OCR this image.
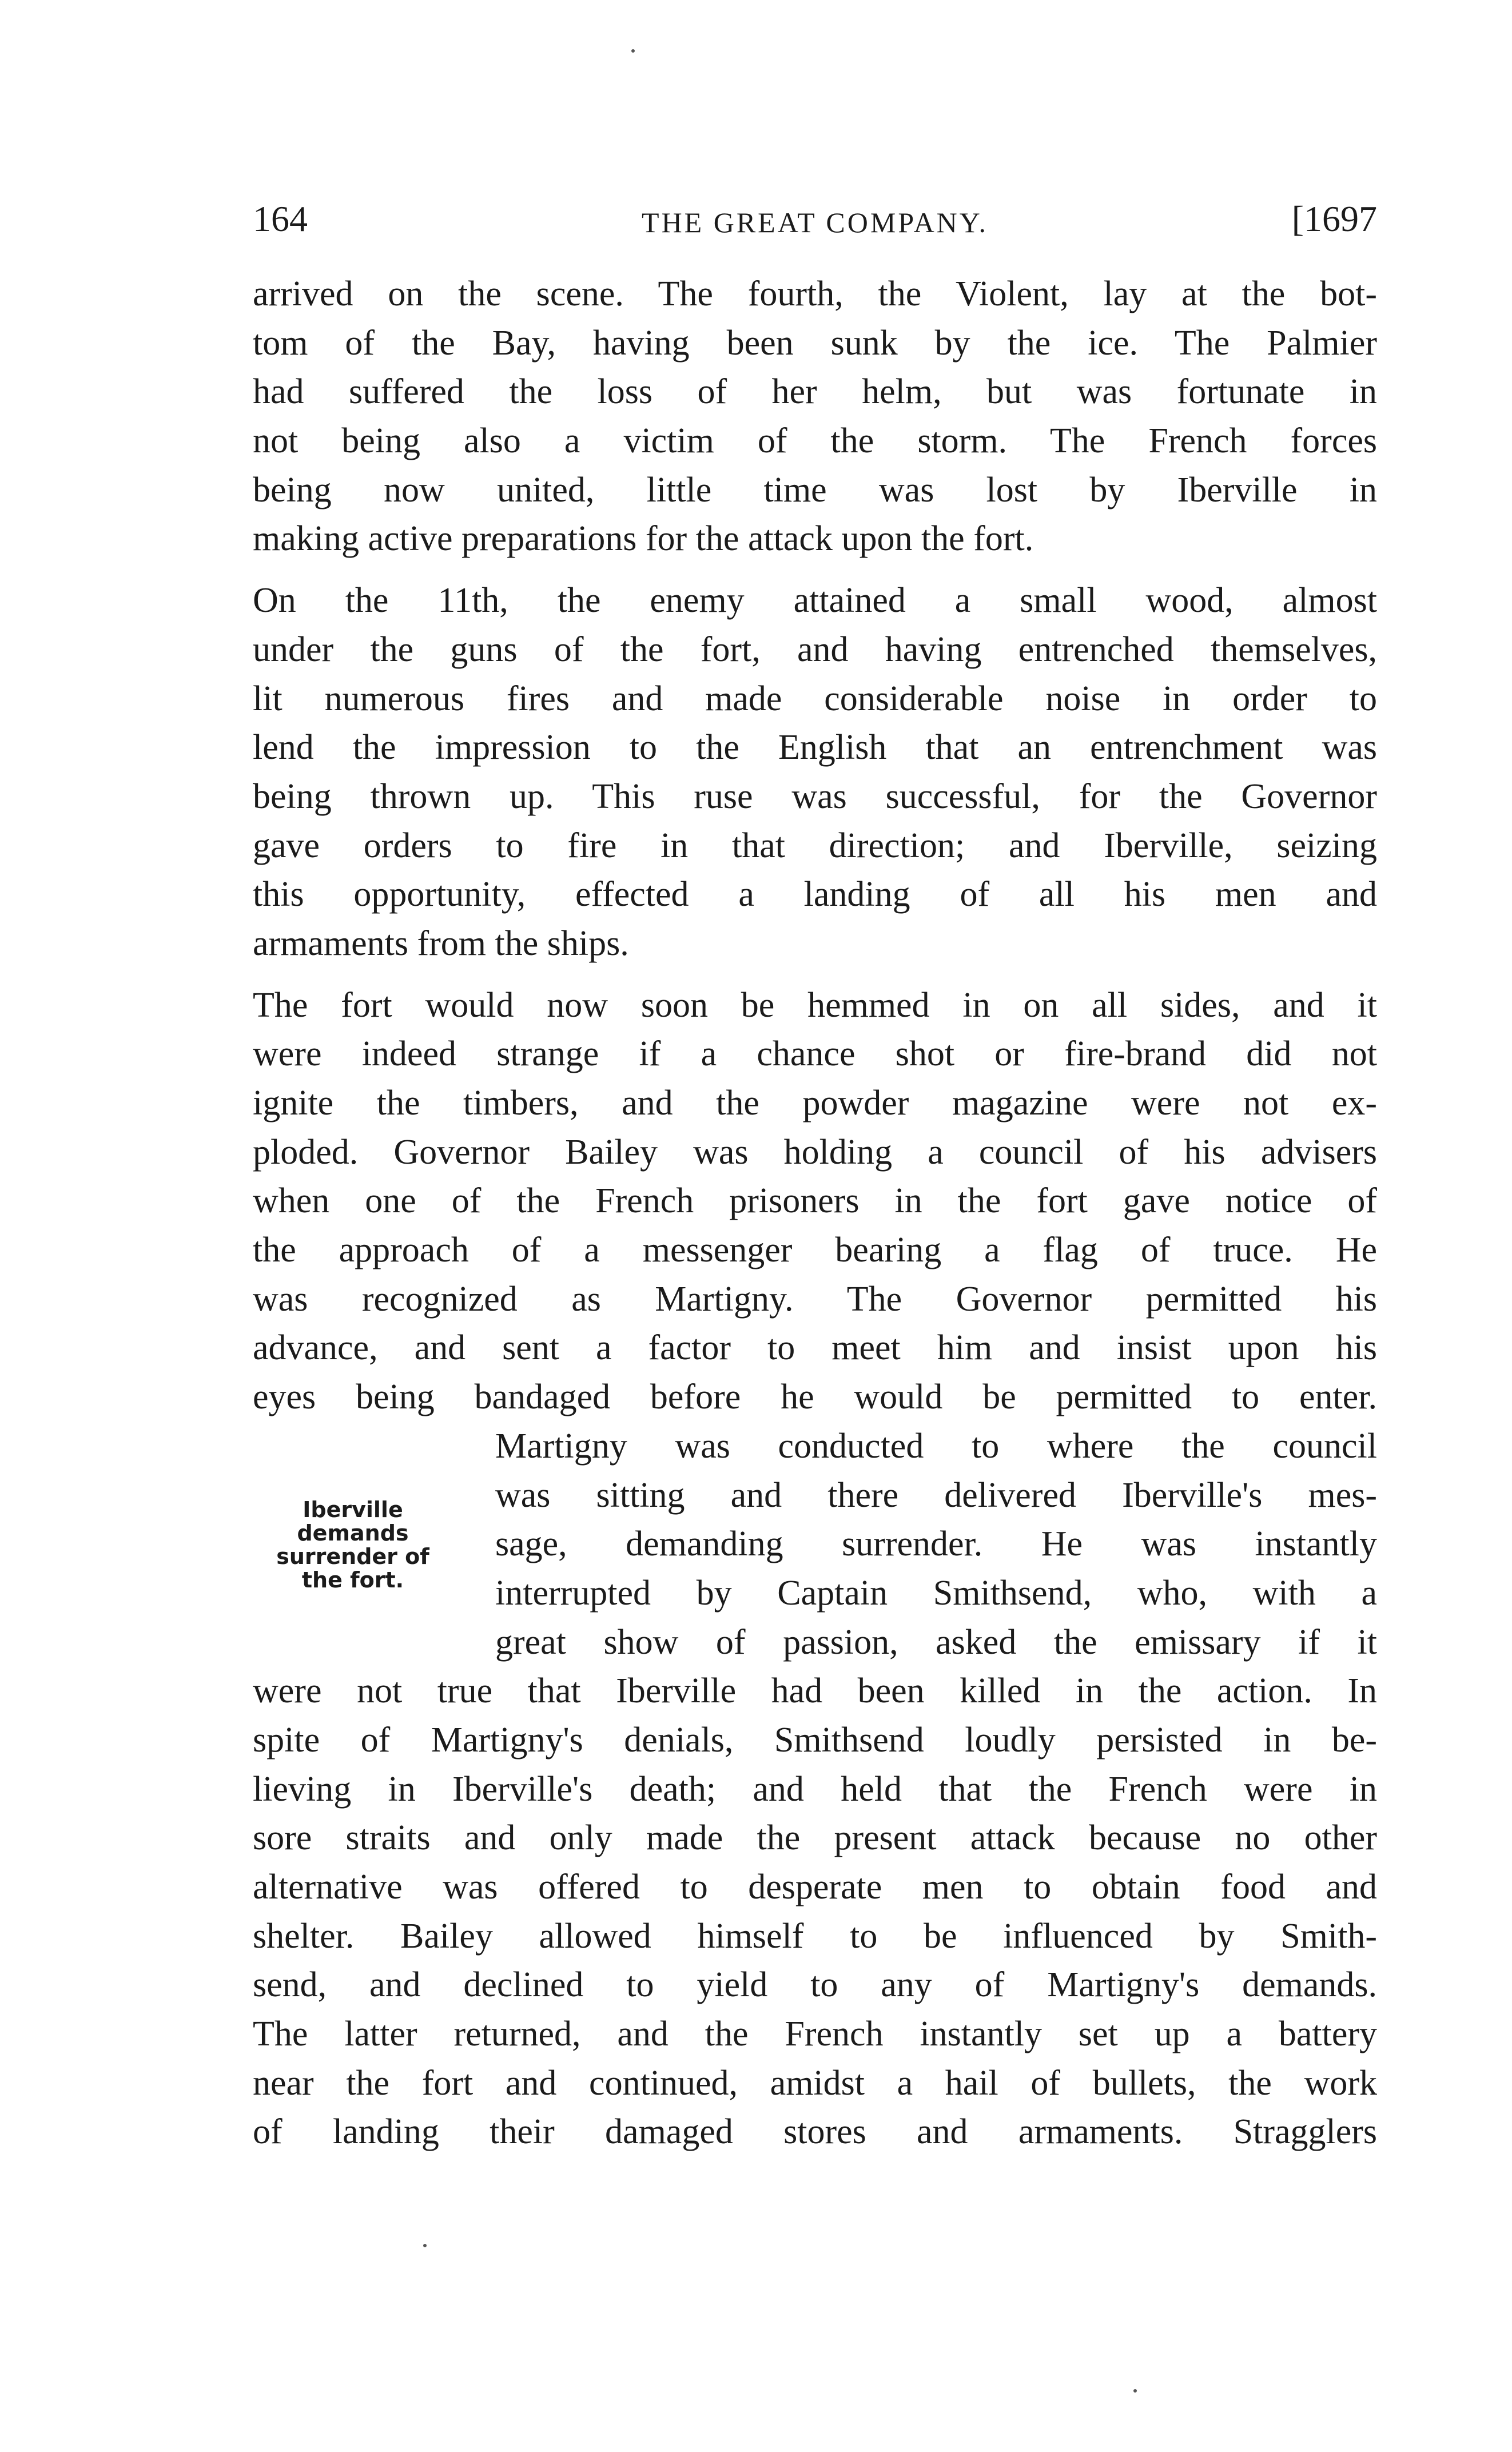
164	THE GREAT COMPANY.	[1697
arrived on the scene. The fourth, the Violent, lay at the bot-
tom of the Bay, having been sunk by the ice. The Palmier
had suffered the loss of her helm, but was fortunate in
not being also a victim of the storm. The French forces
being now united, little time was lost by Iberville in
making active preparations for the attack upon the fort.
On the 11th, the enemy attained a small wood, almost
under the guns of the fort, and having entrenched themselves,
lit numerous fires and made considerable noise in order to
lend the impression to the English that an entrenchment was
being thrown up. This ruse was successful, for the Governor
gave orders to fire in that direction; and Iberville, seizing
this opportunity, effected a landing of all his men and
armaments from the ships.
The fort would now soon be hemmed in on all sides, and it
were indeed strange if a chance shot or fire-brand did not
ignite the timbers, and the powder magazine were not ex-
ploded. Governor Bailey was holding a council of his advisers
when one of the French prisoners in the fort gave notice of
the approach of a messenger bearing a flag of truce. He
was recognized as Martigny. The Governor permitted his
advance, and sent a factor to meet him and insist upon his
eyes being bandaged before he would be permitted to enter.
Martigny was conducted to where the council
was sitting and there delivered Iberville's mes-
sage, demanding surrender. He was instantly
interrupted by Captain Smithsend, who, with a
great show of passion, asked the emissary if it
were not true that Iberville had been killed in the action. In
spite of Martigny's denials, Smithsend loudly persisted in be-
lieving in Iberville's death; and held that the French were in
sore straits and only made the present attack because no other
alternative was offered to desperate men to obtain food and
shelter. Bailey allowed himself to be influenced by Smith-
send, and declined to yield to any of Martigny's demands.
The latter returned, and the French instantly set up a battery
near the fort and continued, amidst a hail of bullets, the work
of landing their damaged stores and armaments. Stragglers
Iberville
demands
surrender of
the fort.
